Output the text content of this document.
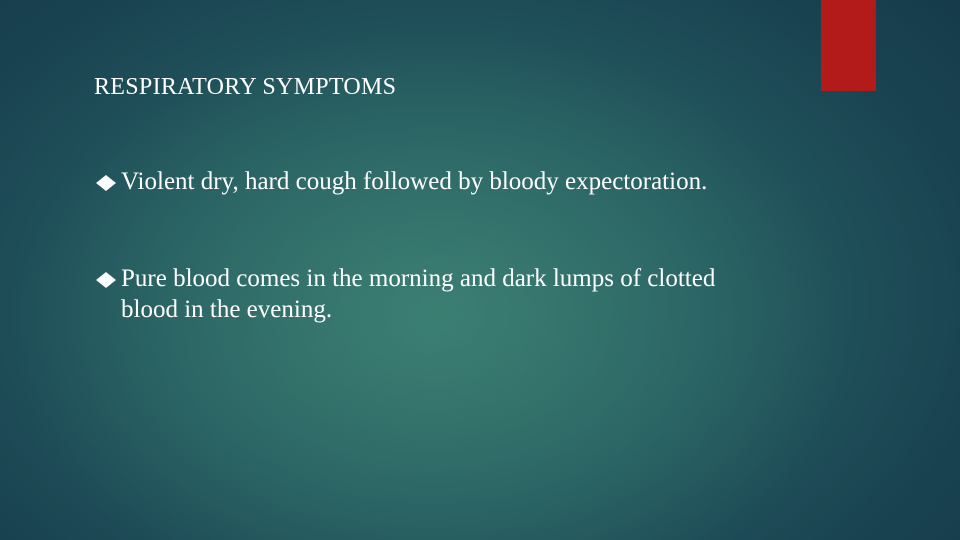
RESPIRATORY SYMPTOMS
Violent dry, hard cough followed by bloody expectoration.
Pure blood comes in the morning and dark lumps of clotted blood in the evening.
